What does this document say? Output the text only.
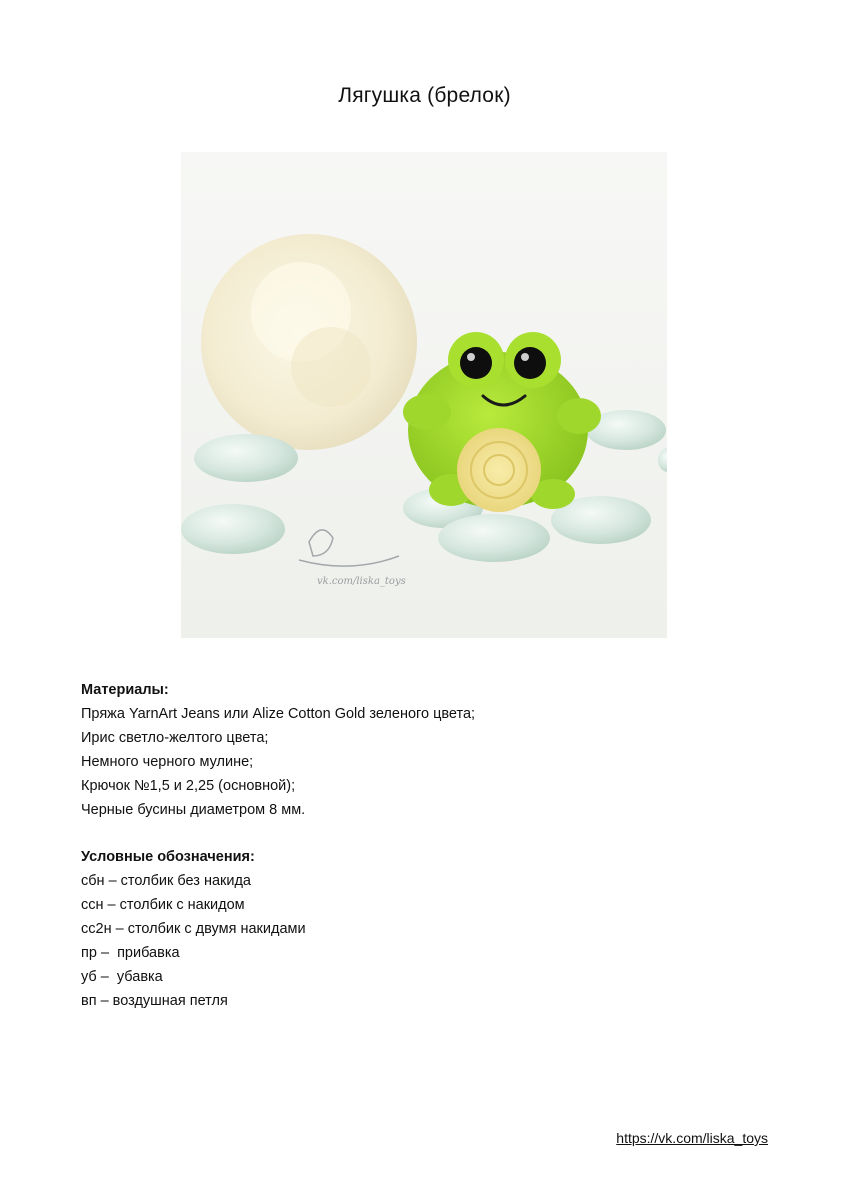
Лягушка (брелок)
vk.com/liska_toys
Материалы:
Пряжа YarnArt Jeans или Alize Cotton Gold зеленого цвета;
Ирис светло-желтого цвета;
Немного черного мулине;
Крючок №1,5 и 2,25 (основной);
Черные бусины диаметром 8 мм.
Условные обозначения:
сбн – столбик без накида
ссн – столбик с накидом
сс2н – столбик с двумя накидами
пр –  прибавка
уб –  убавка
вп – воздушная петля
https://vk.com/liska_toys
